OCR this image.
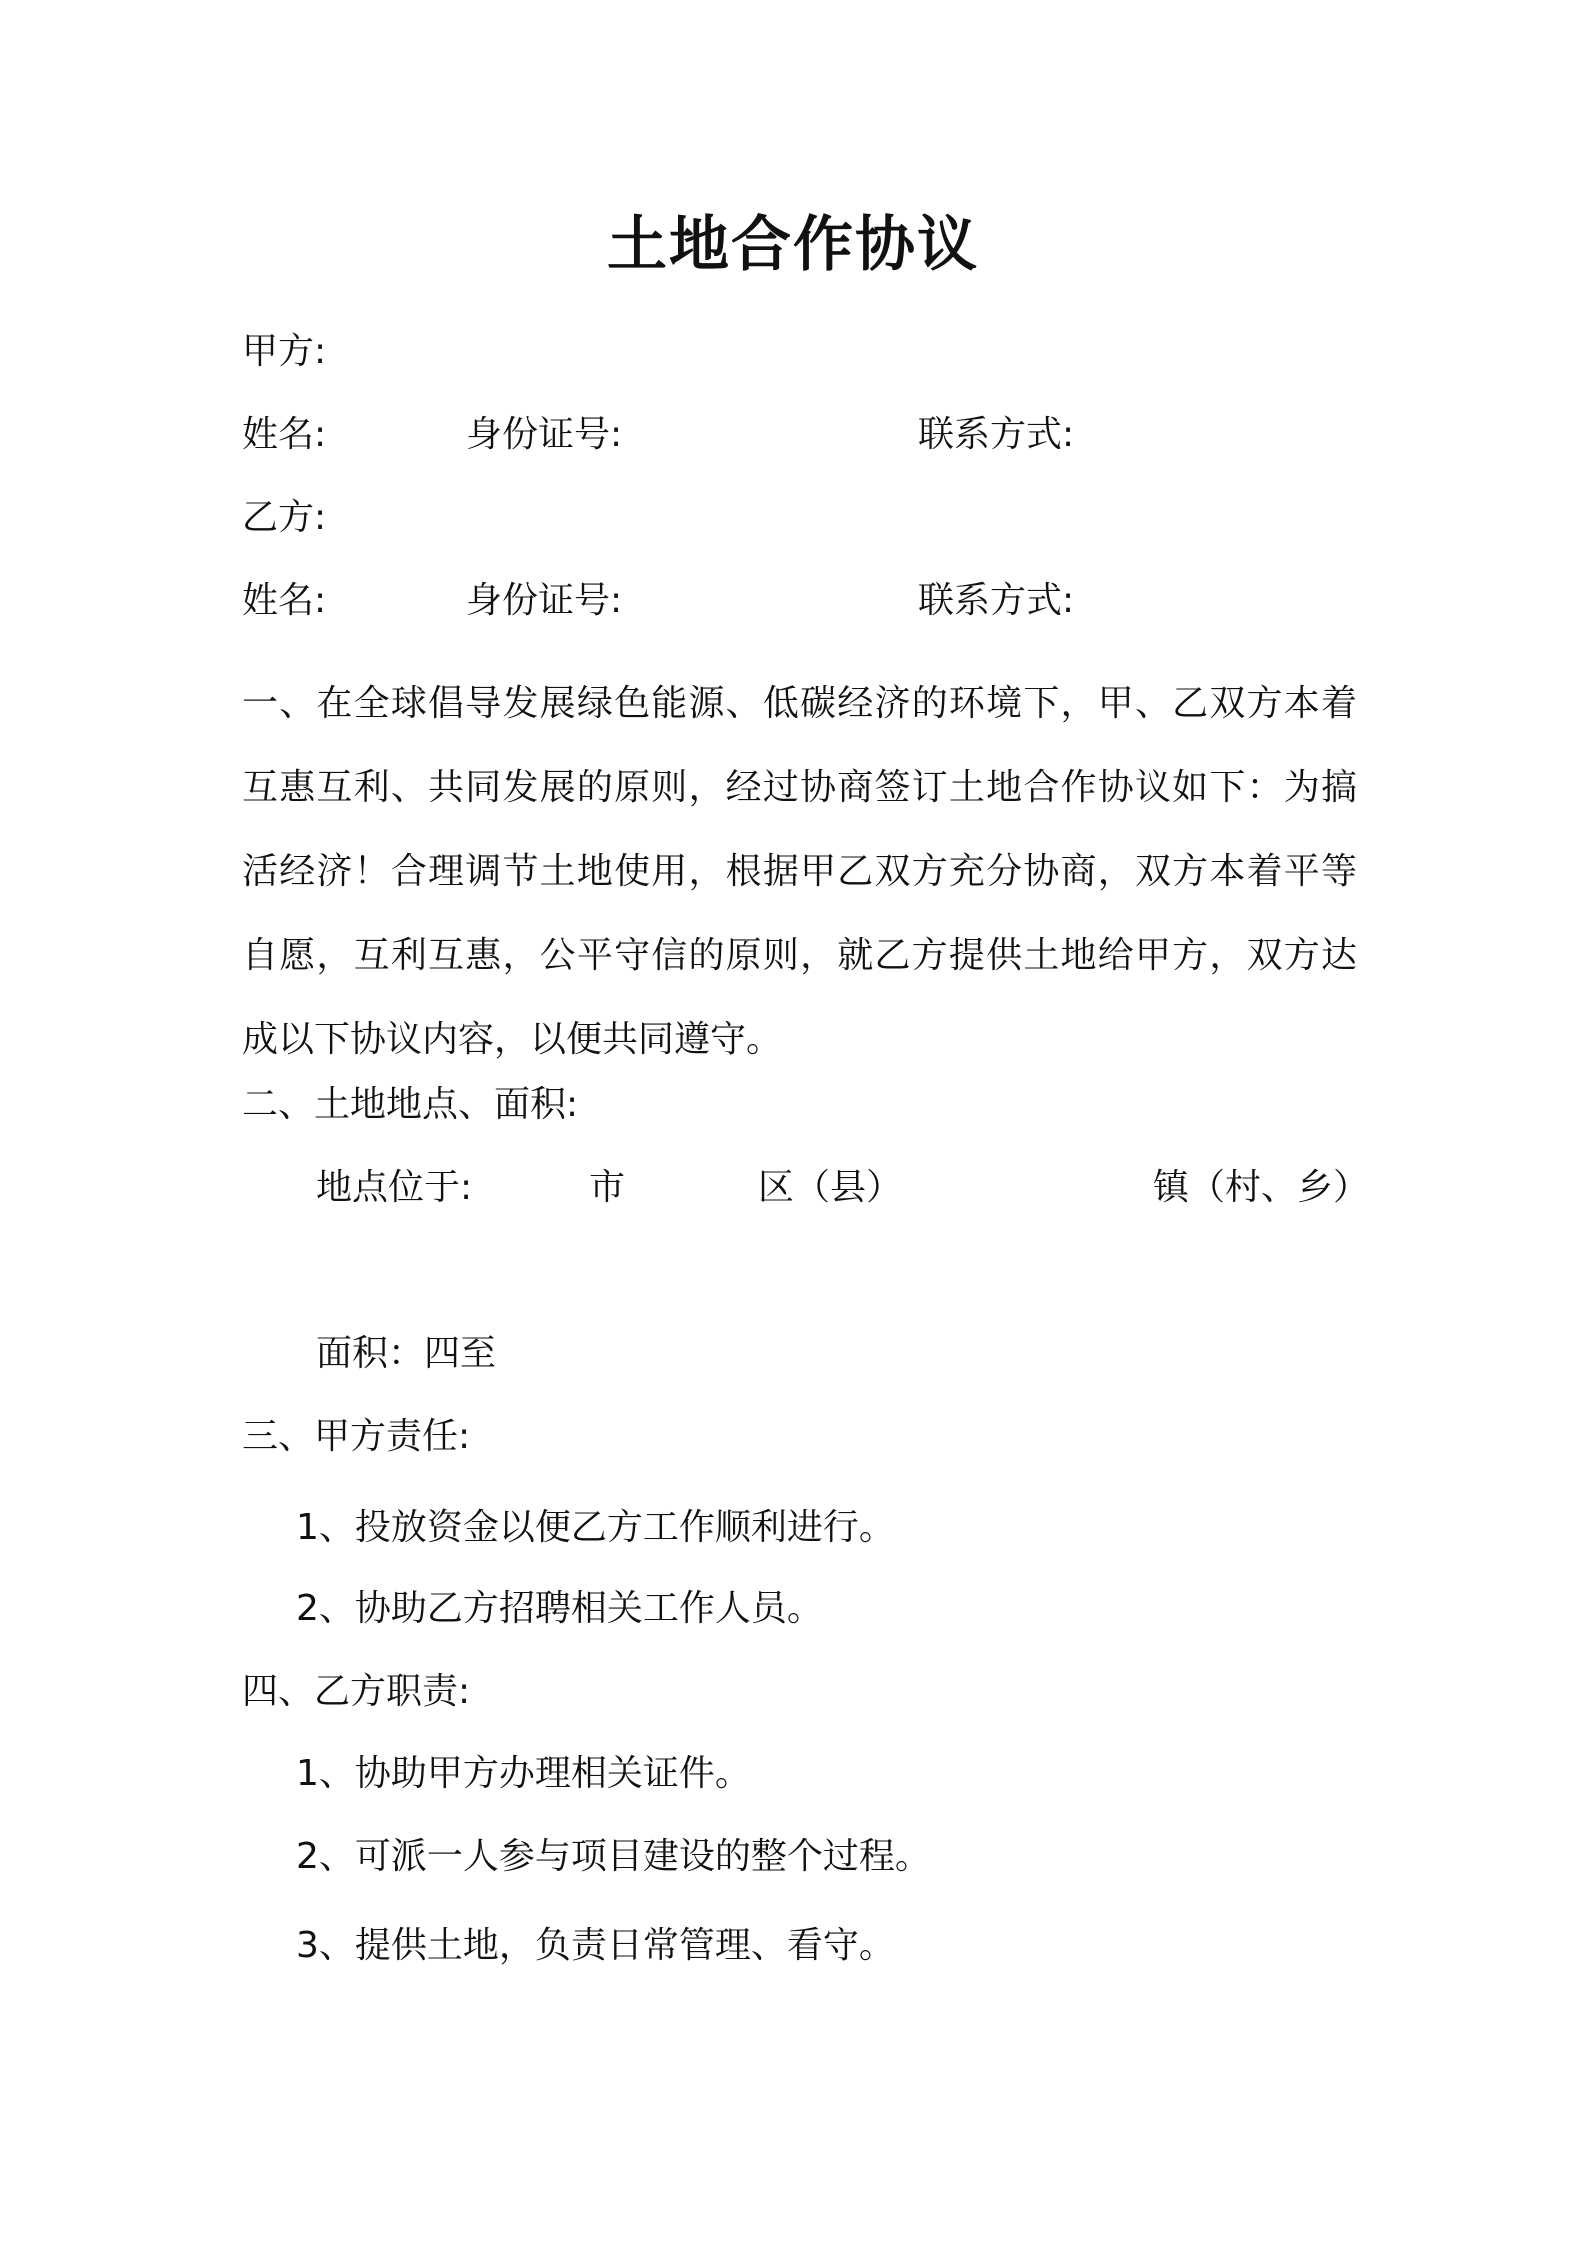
土地合作协议
甲方:
姓名:	身份证号:	联系方式:
乙方:
姓名:	身份证号:	联系方式:
一、在全球倡导发展绿色能源、低碳经济的环境下，甲、乙双方本着互惠互利、共同发展的原则，经过协商签订土地合作协议如下：为搞活经济！合理调节土地使用，根据甲乙双方充分协商，双方本着平等自愿，互利互惠，公平守信的原则，就乙方提供土地给甲方，双方达成以下协议内容，以便共同遵守。
二、土地地点、面积:
地点位于:	市	区（县）	镇（村、乡）
面积：四至
三、甲方责任:
1、投放资金以便乙方工作顺利进行。
2、协助乙方招聘相关工作人员。
四、乙方职责:
1、协助甲方办理相关证件。
2、可派一人参与项目建设的整个过程。
3、提供土地，负责日常管理、看守。
